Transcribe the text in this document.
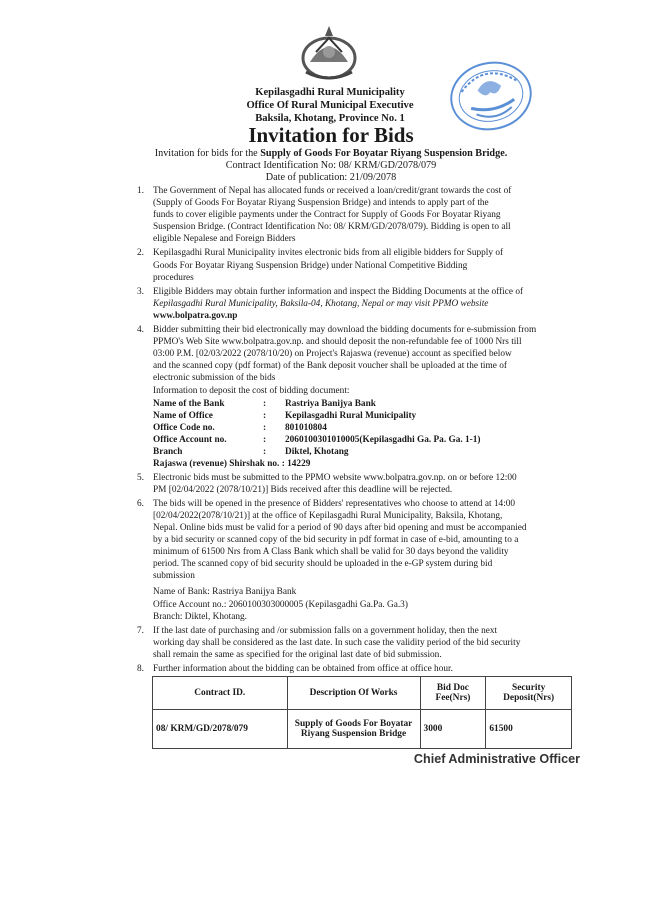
Kepilasgadhi Rural Municipality
Office Of Rural Municipal Executive
Baksila, Khotang, Province No. 1
Invitation for Bids
Invitation for bids for the Supply of Goods For Boyatar Riyang Suspension Bridge.
Contract Identification No: 08/ KRM/GD/2078/079
Date of publication: 21/09/2078
1. The Government of Nepal has allocated funds or received a loan/credit/grant towards the cost of

(Supply of Goods For Boyatar Riyang Suspension Bridge) and intends to apply part of the

funds to cover eligible payments under the Contract for Supply of Goods For Boyatar Riyang

Suspension Bridge. (Contract Identification No: 08/ KRM/GD/2078/079). Bidding is open to all

eligible Nepalese and Foreign Bidders

2. Kepilasgadhi Rural Municipality invites electronic bids from all eligible bidders for Supply of

Goods For Boyatar Riyang Suspension Bridge) under National Competitive Bidding

procedures

3. Eligible Bidders may obtain further information and inspect the Bidding Documents at the office of

Kepilasgadhi Rural Municipality, Baksila-04, Khotang, Nepal or may visit PPMO website

www.bolpatra.gov.np

4. Bidder submitting their bid electronically may download the bidding documents for e-submission from

PPMO's Web Site www.bolpatra.gov.np. and should deposit the non-refundable fee of 1000 Nrs till

03:00 P.M. [02/03/2022 (2078/10/20) on Project's Rajaswa (revenue) account as specified below

and the scanned copy (pdf format) of the Bank deposit voucher shall be uploaded at the time of

electronic submission of the bids

Information to deposit the cost of bidding document:

Name of the Bank	:	Rastriya Banijya Bank
Name of Office	:	Kepilasgadhi Rural Municipality
Office Code no.	:	801010804
Office Account no.	:	2060100301010005(Kepilasgadhi Ga. Pa. Ga. 1-1)
Branch	:	Diktel, Khotang
Rajaswa (revenue) Shirshak no. : 14229
5. Electronic bids must be submitted to the PPMO website www.bolpatra.gov.np. on or before 12:00

PM [02/04/2022 (2078/10/21)] Bids received after this deadline will be rejected.

6. The bids will be opened in the presence of Bidders' representatives who choose to attend at 14:00

[02/04/2022(2078/10/21)] at the office of Kepilasgadhi Rural Municipality, Baksila, Khotang,

Nepal. Online bids must be valid for a period of 90 days after bid opening and must be accompanied

by a bid security or scanned copy of the bid security in pdf format in case of e-bid, amounting to a

minimum of 61500 Nrs from A Class Bank which shall be valid for 30 days beyond the validity

period. The scanned copy of bid security should be uploaded in the e-GP system during bid

submission

Name of Bank: Rastriya Banijya Bank

Office Account no.: 2060100303000005 (Kepilasgadhi Ga.Pa. Ga.3)

Branch: Diktel, Khotang.

7. If the last date of purchasing and /or submission falls on a government holiday, then the next

working day shall be considered as the last date. In such case the validity period of the bid security

shall remain the same as specified for the original last date of bid submission.

8. Further information about the bidding can be obtained from office at office hour.

Contract ID.	Description Of Works	Bid Doc Fee(Nrs)	Security Deposit(Nrs)
08/ KRM/GD/2078/079	Supply of Goods For Boyatar Riyang Suspension Bridge	3000	61500
Chief Administrative Officer
